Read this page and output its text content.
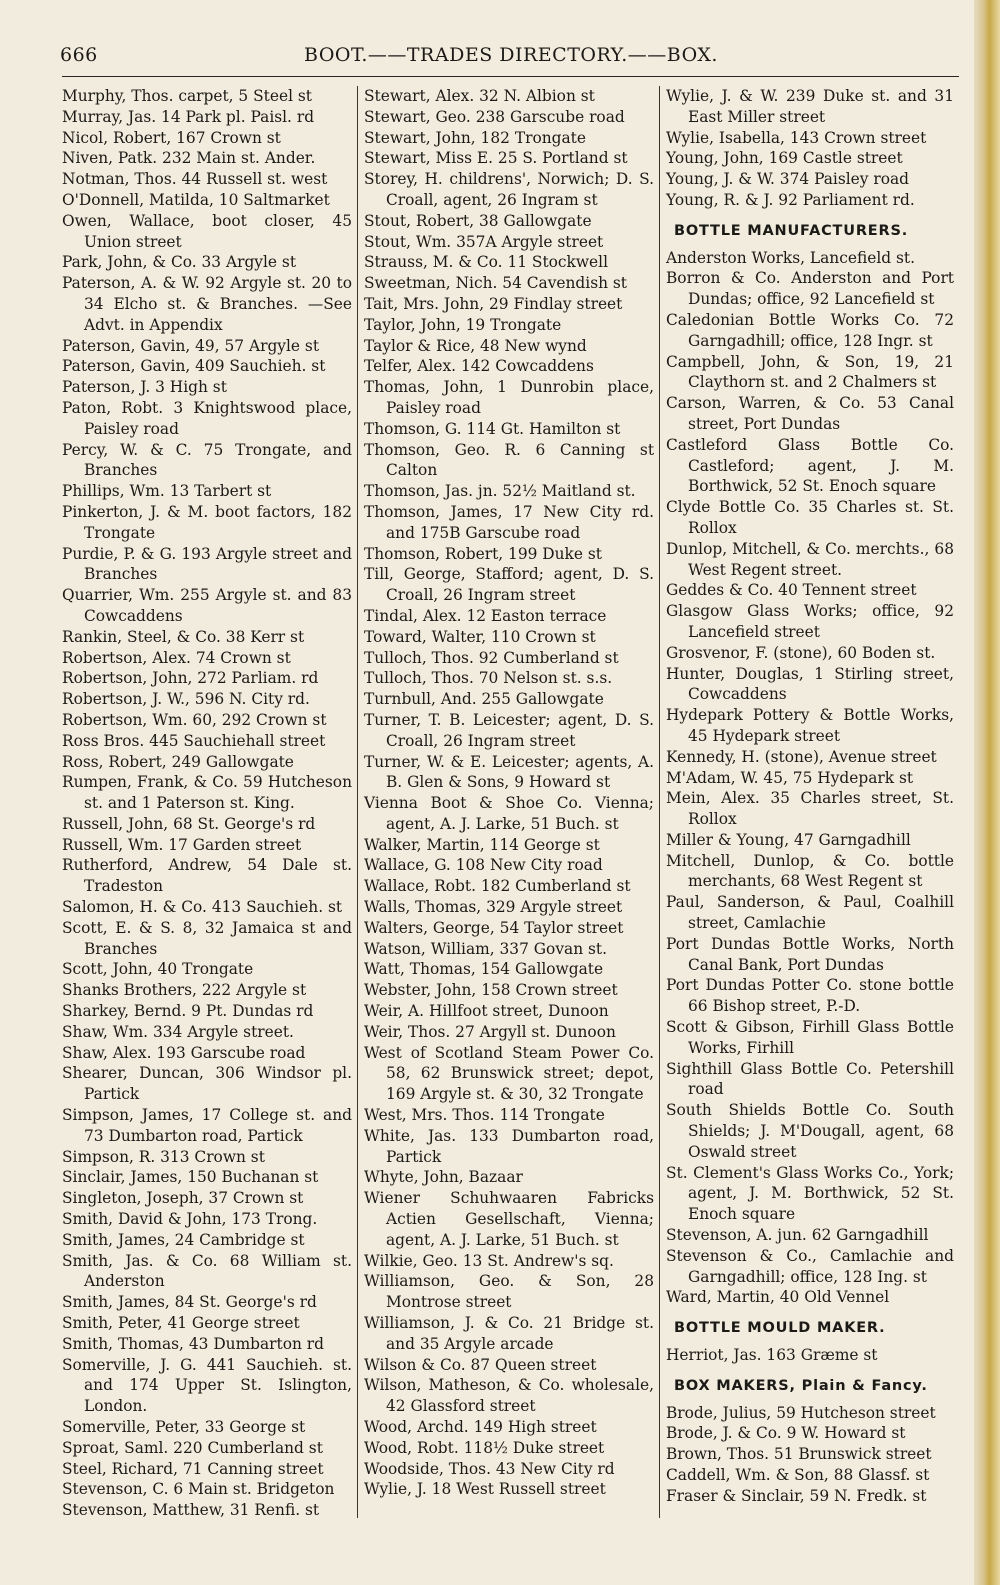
666	BOOT.——TRADES DIRECTORY.——BOX.
Murphy, Thos. carpet, 5 Steel st
Murray, Jas. 14 Park pl. Paisl. rd
Nicol, Robert, 167 Crown st
Niven, Patk. 232 Main st. Ander.
Notman, Thos. 44 Russell st. west
O'Donnell, Matilda, 10 Saltmarket
Owen, Wallace, boot closer, 45 Union street
Park, John, & Co. 33 Argyle st
Paterson, A. & W. 92 Argyle st. 20 to 34 Elcho st. & Branches. —See Advt. in Appendix
Paterson, Gavin, 49, 57 Argyle st
Paterson, Gavin, 409 Sauchieh. st
Paterson, J. 3 High st
Paton, Robt. 3 Knightswood place, Paisley road
Percy, W. & C. 75 Trongate, and Branches
Phillips, Wm. 13 Tarbert st
Pinkerton, J. & M. boot factors, 182 Trongate
Purdie, P. & G. 193 Argyle street and Branches
Quarrier, Wm. 255 Argyle st. and 83 Cowcaddens
Rankin, Steel, & Co. 38 Kerr st
Robertson, Alex. 74 Crown st
Robertson, John, 272 Parliam. rd
Robertson, J. W., 596 N. City rd.
Robertson, Wm. 60, 292 Crown st
Ross Bros. 445 Sauchiehall street
Ross, Robert, 249 Gallowgate
Rumpen, Frank, & Co. 59 Hutcheson st. and 1 Paterson st. King.
Russell, John, 68 St. George's rd
Russell, Wm. 17 Garden street
Rutherford, Andrew, 54 Dale st. Tradeston
Salomon, H. & Co. 413 Sauchieh. st
Scott, E. & S. 8, 32 Jamaica st and Branches
Scott, John, 40 Trongate
Shanks Brothers, 222 Argyle st
Sharkey, Bernd. 9 Pt. Dundas rd
Shaw, Wm. 334 Argyle street.
Shaw, Alex. 193 Garscube road
Shearer, Duncan, 306 Windsor pl. Partick
Simpson, James, 17 College st. and 73 Dumbarton road, Partick
Simpson, R. 313 Crown st
Sinclair, James, 150 Buchanan st
Singleton, Joseph, 37 Crown st
Smith, David & John, 173 Trong.
Smith, James, 24 Cambridge st
Smith, Jas. & Co. 68 William st. Anderston
Smith, James, 84 St. George's rd
Smith, Peter, 41 George street
Smith, Thomas, 43 Dumbarton rd
Somerville, J. G. 441 Sauchieh. st. and 174 Upper St. Islington, London.
Somerville, Peter, 33 George st
Sproat, Saml. 220 Cumberland st
Steel, Richard, 71 Canning street
Stevenson, C. 6 Main st. Bridgeton
Stevenson, Matthew, 31 Renfi. st
Stewart, Alex. 32 N. Albion st
Stewart, Geo. 238 Garscube road
Stewart, John, 182 Trongate
Stewart, Miss E. 25 S. Portland st
Storey, H. childrens', Norwich; D. S. Croall, agent, 26 Ingram st
Stout, Robert, 38 Gallowgate
Stout, Wm. 357A Argyle street
Strauss, M. & Co. 11 Stockwell
Sweetman, Nich. 54 Cavendish st
Tait, Mrs. John, 29 Findlay street
Taylor, John, 19 Trongate
Taylor & Rice, 48 New wynd
Telfer, Alex. 142 Cowcaddens
Thomas, John, 1 Dunrobin place, Paisley road
Thomson, G. 114 Gt. Hamilton st
Thomson, Geo. R. 6 Canning st Calton
Thomson, Jas. jn. 52½ Maitland st.
Thomson, James, 17 New City rd. and 175B Garscube road
Thomson, Robert, 199 Duke st
Till, George, Stafford; agent, D. S. Croall, 26 Ingram street
Tindal, Alex. 12 Easton terrace
Toward, Walter, 110 Crown st
Tulloch, Thos. 92 Cumberland st
Tulloch, Thos. 70 Nelson st. s.s.
Turnbull, And. 255 Gallowgate
Turner, T. B. Leicester; agent, D. S. Croall, 26 Ingram street
Turner, W. & E. Leicester; agents, A. B. Glen & Sons, 9 Howard st
Vienna Boot & Shoe Co. Vienna; agent, A. J. Larke, 51 Buch. st
Walker, Martin, 114 George st
Wallace, G. 108 New City road
Wallace, Robt. 182 Cumberland st
Walls, Thomas, 329 Argyle street
Walters, George, 54 Taylor street
Watson, William, 337 Govan st.
Watt, Thomas, 154 Gallowgate
Webster, John, 158 Crown street
Weir, A. Hillfoot street, Dunoon
Weir, Thos. 27 Argyll st. Dunoon
West of Scotland Steam Power Co. 58, 62 Brunswick street; depot, 169 Argyle st. & 30, 32 Trongate
West, Mrs. Thos. 114 Trongate
White, Jas. 133 Dumbarton road, Partick
Whyte, John, Bazaar
Wiener Schuhwaaren Fabricks Actien Gesellschaft, Vienna; agent, A. J. Larke, 51 Buch. st
Wilkie, Geo. 13 St. Andrew's sq.
Williamson, Geo. & Son, 28 Montrose street
Williamson, J. & Co. 21 Bridge st. and 35 Argyle arcade
Wilson & Co. 87 Queen street
Wilson, Matheson, & Co. wholesale, 42 Glassford street
Wood, Archd. 149 High street
Wood, Robt. 118½ Duke street
Woodside, Thos. 43 New City rd
Wylie, J. 18 West Russell street
Wylie, J. & W. 239 Duke st. and 31 East Miller street
Wylie, Isabella, 143 Crown street
Young, John, 169 Castle street
Young, J. & W. 374 Paisley road
Young, R. & J. 92 Parliament rd.
BOTTLE MANUFACTURERS.
Anderston Works, Lancefield st.
Borron & Co. Anderston and Port Dundas; office, 92 Lancefield st
Caledonian Bottle Works Co. 72 Garngadhill; office, 128 Ingr. st
Campbell, John, & Son, 19, 21 Claythorn st. and 2 Chalmers st
Carson, Warren, & Co. 53 Canal street, Port Dundas
Castleford Glass Bottle Co. Castleford; agent, J. M. Borthwick, 52 St. Enoch square
Clyde Bottle Co. 35 Charles st. St. Rollox
Dunlop, Mitchell, & Co. merchts., 68 West Regent street.
Geddes & Co. 40 Tennent street
Glasgow Glass Works; office, 92 Lancefield street
Grosvenor, F. (stone), 60 Boden st.
Hunter, Douglas, 1 Stirling street, Cowcaddens
Hydepark Pottery & Bottle Works, 45 Hydepark street
Kennedy, H. (stone), Avenue street
M'Adam, W. 45, 75 Hydepark st
Mein, Alex. 35 Charles street, St. Rollox
Miller & Young, 47 Garngadhill
Mitchell, Dunlop, & Co. bottle merchants, 68 West Regent st
Paul, Sanderson, & Paul, Coalhill street, Camlachie
Port Dundas Bottle Works, North Canal Bank, Port Dundas
Port Dundas Potter Co. stone bottle 66 Bishop street, P.-D.
Scott & Gibson, Firhill Glass Bottle Works, Firhill
Sighthill Glass Bottle Co. Petershill road
South Shields Bottle Co. South Shields; J. M'Dougall, agent, 68 Oswald street
St. Clement's Glass Works Co., York; agent, J. M. Borthwick, 52 St. Enoch square
Stevenson, A. jun. 62 Garngadhill
Stevenson & Co., Camlachie and Garngadhill; office, 128 Ing. st
Ward, Martin, 40 Old Vennel
BOTTLE MOULD MAKER.
Herriot, Jas. 163 Græme st
BOX MAKERS, Plain & Fancy.
Brode, Julius, 59 Hutcheson street
Brode, J. & Co. 9 W. Howard st
Brown, Thos. 51 Brunswick street
Caddell, Wm. & Son, 88 Glassf. st
Fraser & Sinclair, 59 N. Fredk. st
